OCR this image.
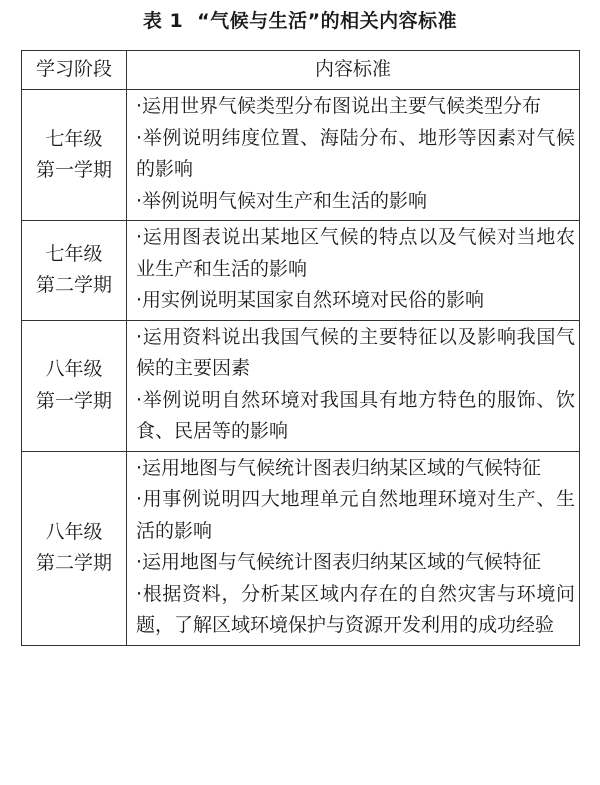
表 1 “气候与生活”的相关内容标准
学习阶段	内容标准

七年级
第一学期	·运用世界气候类型分布图说出主要气候类型分布
·举例说明纬度位置、海陆分布、地形等因素对气候的影响
·举例说明气候对生产和生活的影响

七年级
第二学期	·运用图表说出某地区气候的特点以及气候对当地农业生产和生活的影响
·用实例说明某国家自然环境对民俗的影响

八年级
第一学期	·运用资料说出我国气候的主要特征以及影响我国气候的主要因素
·举例说明自然环境对我国具有地方特色的服饰、饮食、民居等的影响

八年级
第二学期	·运用地图与气候统计图表归纳某区域的气候特征
·用事例说明四大地理单元自然地理环境对生产、生活的影响
·运用地图与气候统计图表归纳某区域的气候特征
·根据资料，分析某区域内存在的自然灾害与环境问题，了解区域环境保护与资源开发利用的成功经验
